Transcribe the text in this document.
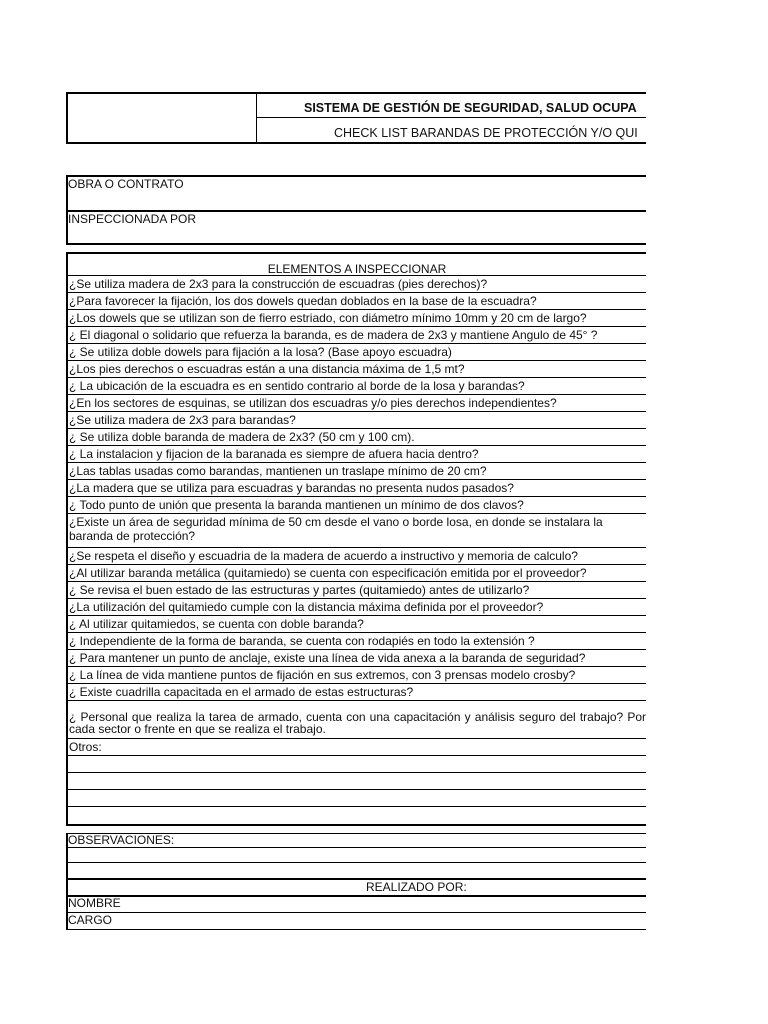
SISTEMA DE GESTIÓN DE SEGURIDAD, SALUD OCUPA
CHECK LIST BARANDAS DE PROTECCIÓN Y/O QUI
OBRA O CONTRATO
INSPECCIONADA POR
ELEMENTOS A INSPECCIONAR
¿Se utiliza madera de 2x3 para la construcción de escuadras (pies derechos)?
¿Para favorecer la fijación, los dos dowels quedan doblados en la base de la escuadra?
¿Los dowels que se utilizan son de fierro estriado, con diámetro mínimo 10mm y 20 cm de largo?
¿ El diagonal o solidario que refuerza la baranda, es de madera de 2x3 y mantiene Angulo de 45° ?
¿ Se utiliza doble dowels para fijación a la losa? (Base apoyo escuadra)
¿Los pies derechos o escuadras están a una distancia máxima de 1,5 mt?
¿ La ubicación de la escuadra es en sentido contrario al borde de la losa y barandas?
¿En los sectores de esquinas, se utilizan dos escuadras y/o pies derechos independientes?
¿Se utiliza madera de 2x3 para barandas?
¿ Se utiliza doble baranda de madera de 2x3? (50 cm y 100 cm).
¿ La instalacion y fijacion de la baranada es siempre de afuera hacia dentro?
¿Las tablas usadas como barandas, mantienen un traslape mínimo de 20 cm?
¿La madera que se utiliza para escuadras y barandas no presenta nudos pasados?
¿ Todo punto de unión que presenta la baranda mantienen un mínimo de dos clavos?
¿Existe un área de seguridad mínima de 50 cm desde el vano o borde losa, en donde se instalara la baranda de protección?
¿Se respeta el diseño y escuadria de la madera de acuerdo a instructivo y memoria de calculo?
¿Al utilizar baranda metálica (quitamiedo) se cuenta con especificación emitida por el proveedor?
¿ Se revisa el buen estado de las estructuras y partes (quitamiedo) antes de utilizarlo?
¿La utilización del quitamiedo cumple con la distancia máxima definida por el proveedor?
¿ Al utilizar quitamiedos, se cuenta con doble baranda?
¿ Independiente de la forma de baranda, se cuenta con rodapiés en todo la extensión ?
¿ Para mantener un punto de anclaje, existe una línea de vida anexa a la baranda de seguridad?
¿ La línea de vida mantiene puntos de fijación en sus extremos, con 3 prensas modelo crosby?
¿ Existe cuadrilla capacitada en el armado de estas estructuras?
¿ Personal que realiza la tarea de armado, cuenta con una capacitación y análisis seguro del trabajo? Por cada sector o frente en que se realiza el trabajo.
Otros:
OBSERVACIONES:
REALIZADO POR:
NOMBRE
CARGO
